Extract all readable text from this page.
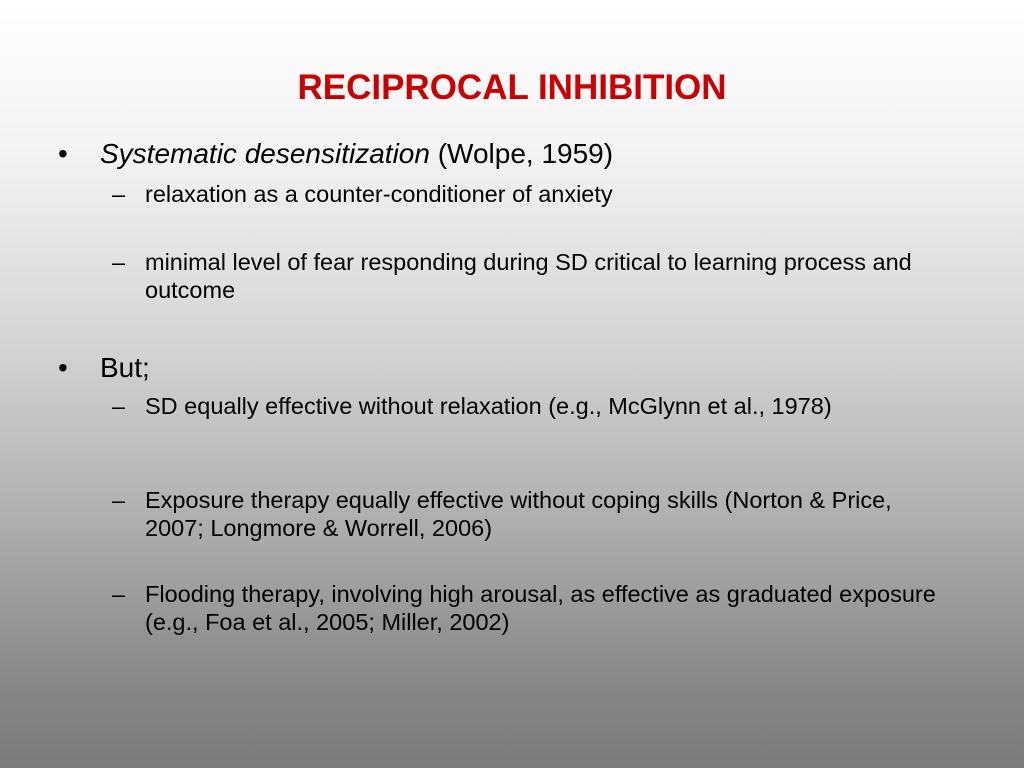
RECIPROCAL INHIBITION
•	Systematic desensitization (Wolpe, 1959)
– relaxation as a counter-conditioner of anxiety
– minimal level of fear responding during SD critical to learning process and outcome
•	But;
– SD equally effective without relaxation (e.g., McGlynn et al., 1978)
– Exposure therapy equally effective without coping skills (Norton & Price, 2007; Longmore & Worrell, 2006)
– Flooding therapy, involving high arousal, as effective as graduated exposure (e.g., Foa et al., 2005; Miller, 2002)
